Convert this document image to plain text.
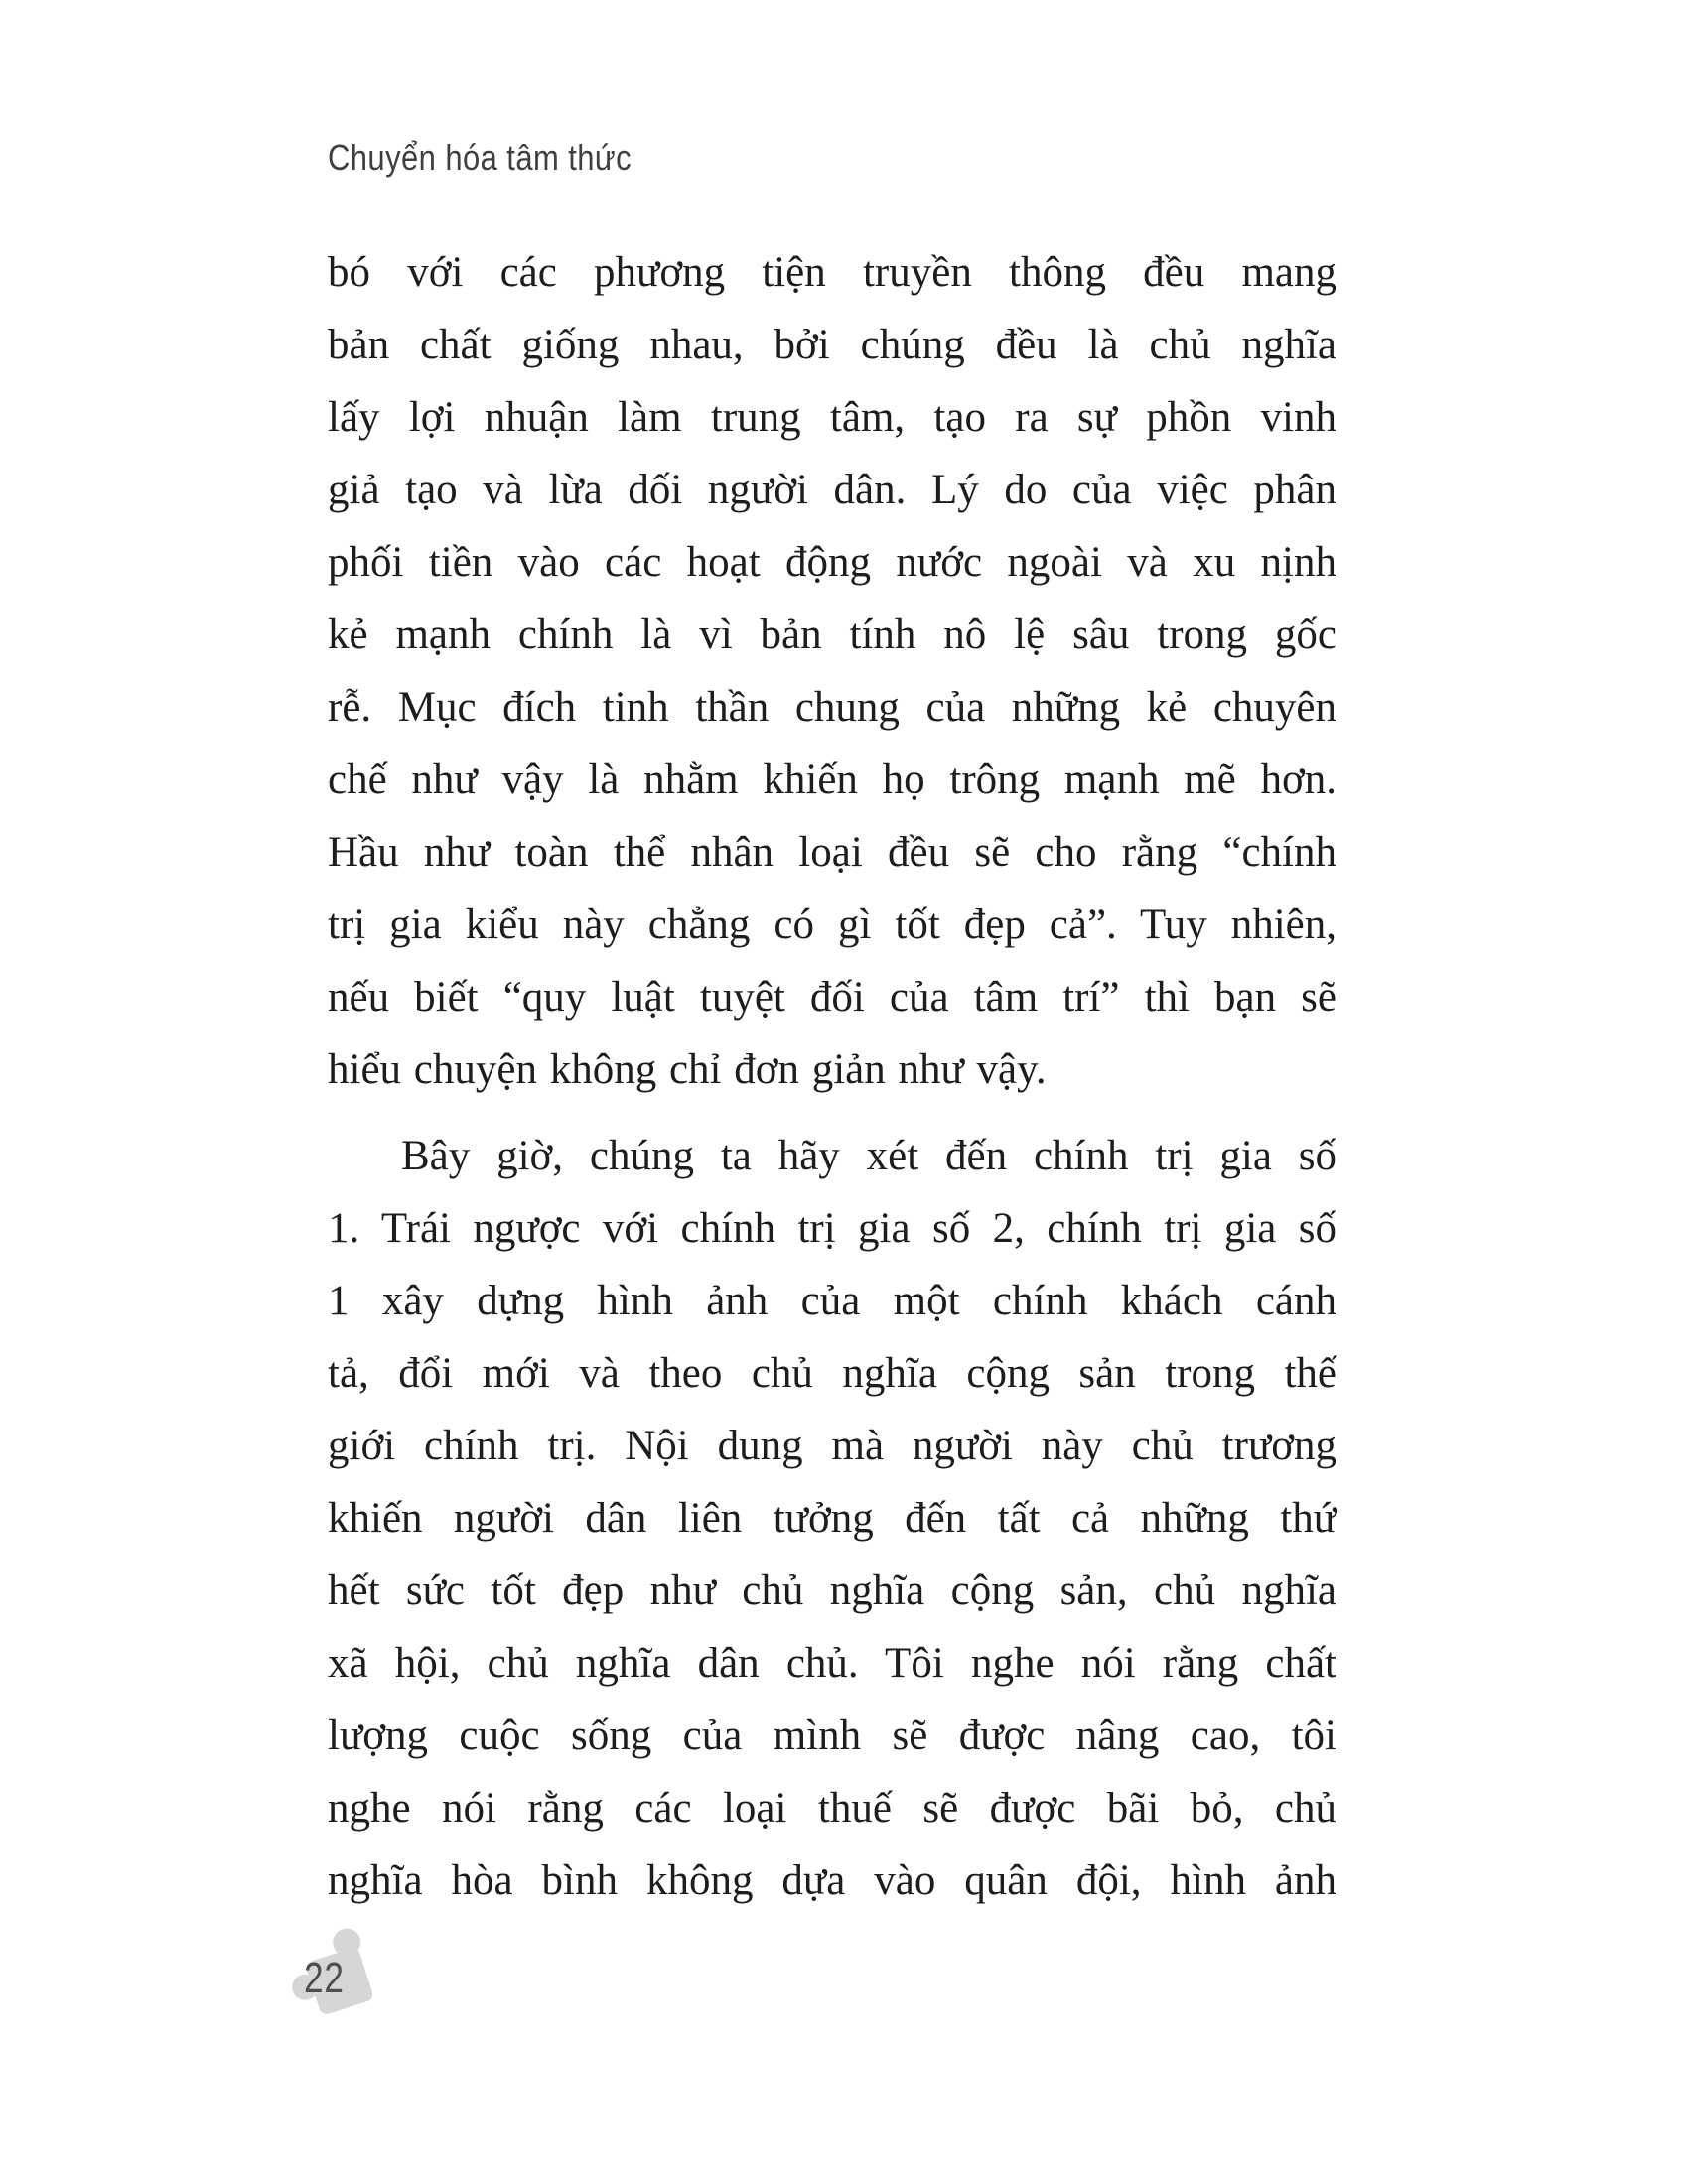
Chuyển hóa tâm thức
bó với các phương tiện truyền thông đều mang
bản chất giống nhau, bởi chúng đều là chủ nghĩa
lấy lợi nhuận làm trung tâm, tạo ra sự phồn vinh
giả tạo và lừa dối người dân. Lý do của việc phân
phối tiền vào các hoạt động nước ngoài và xu nịnh
kẻ mạnh chính là vì bản tính nô lệ sâu trong gốc
rễ. Mục đích tinh thần chung của những kẻ chuyên
chế như vậy là nhằm khiến họ trông mạnh mẽ hơn.
Hầu như toàn thể nhân loại đều sẽ cho rằng “chính
trị gia kiểu này chẳng có gì tốt đẹp cả”. Tuy nhiên,
nếu biết “quy luật tuyệt đối của tâm trí” thì bạn sẽ
hiểu chuyện không chỉ đơn giản như vậy.
Bây giờ, chúng ta hãy xét đến chính trị gia số
1. Trái ngược với chính trị gia số 2, chính trị gia số
1 xây dựng hình ảnh của một chính khách cánh
tả, đổi mới và theo chủ nghĩa cộng sản trong thế
giới chính trị. Nội dung mà người này chủ trương
khiến người dân liên tưởng đến tất cả những thứ
hết sức tốt đẹp như chủ nghĩa cộng sản, chủ nghĩa
xã hội, chủ nghĩa dân chủ. Tôi nghe nói rằng chất
lượng cuộc sống của mình sẽ được nâng cao, tôi
nghe nói rằng các loại thuế sẽ được bãi bỏ, chủ
nghĩa hòa bình không dựa vào quân đội, hình ảnh
22
